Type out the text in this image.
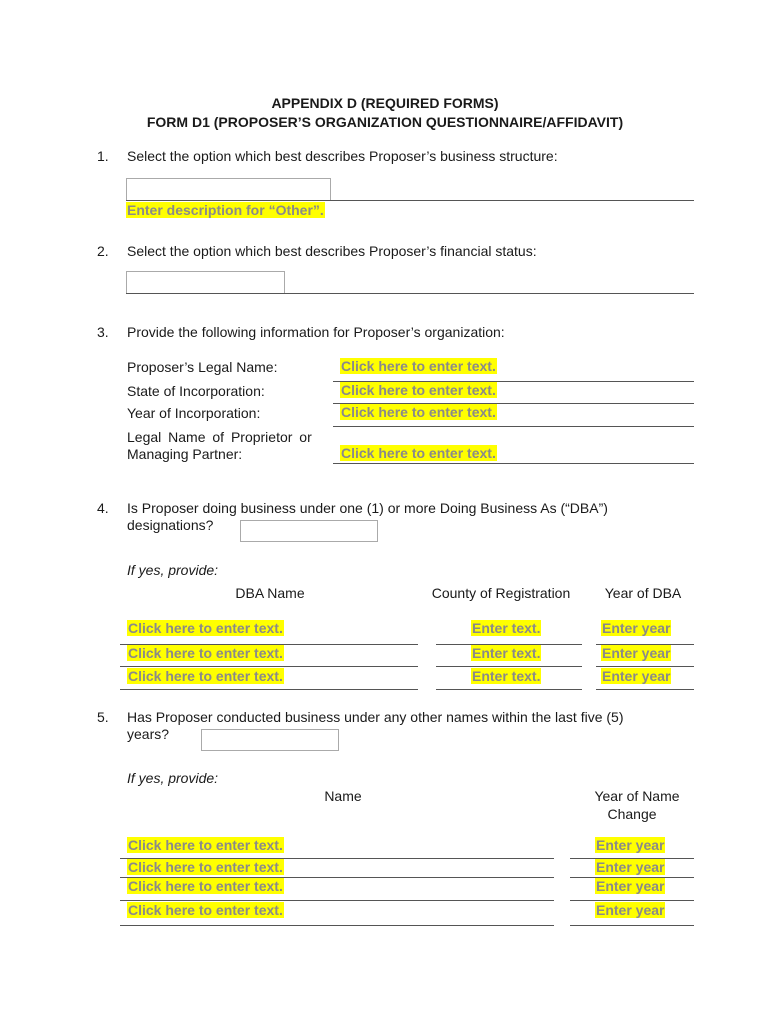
APPENDIX D (REQUIRED FORMS)
FORM D1 (PROPOSER’S ORGANIZATION QUESTIONNAIRE/AFFIDAVIT)
1. Select the option which best describes Proposer’s business structure:
Enter description for “Other”.
2. Select the option which best describes Proposer’s financial status:
3. Provide the following information for Proposer’s organization:
Proposer’s Legal Name:	Click here to enter text.
State of Incorporation:	Click here to enter text.
Year of Incorporation:	Click here to enter text.
Legal Name of Proprietor or
Managing Partner:	Click here to enter text.
4. Is Proposer doing business under one (1) or more Doing Business As (“DBA”)
designations?
If yes, provide:
DBA Name	County of Registration	Year of DBA
Click here to enter text.	Enter text.	Enter year
Click here to enter text.	Enter text.	Enter year
Click here to enter text.	Enter text.	Enter year
5. Has Proposer conducted business under any other names within the last five (5)
years?
If yes, provide:
Name	Year of Name
Change
Click here to enter text.	Enter year
Click here to enter text.	Enter year
Click here to enter text.	Enter year
Click here to enter text.	Enter year
